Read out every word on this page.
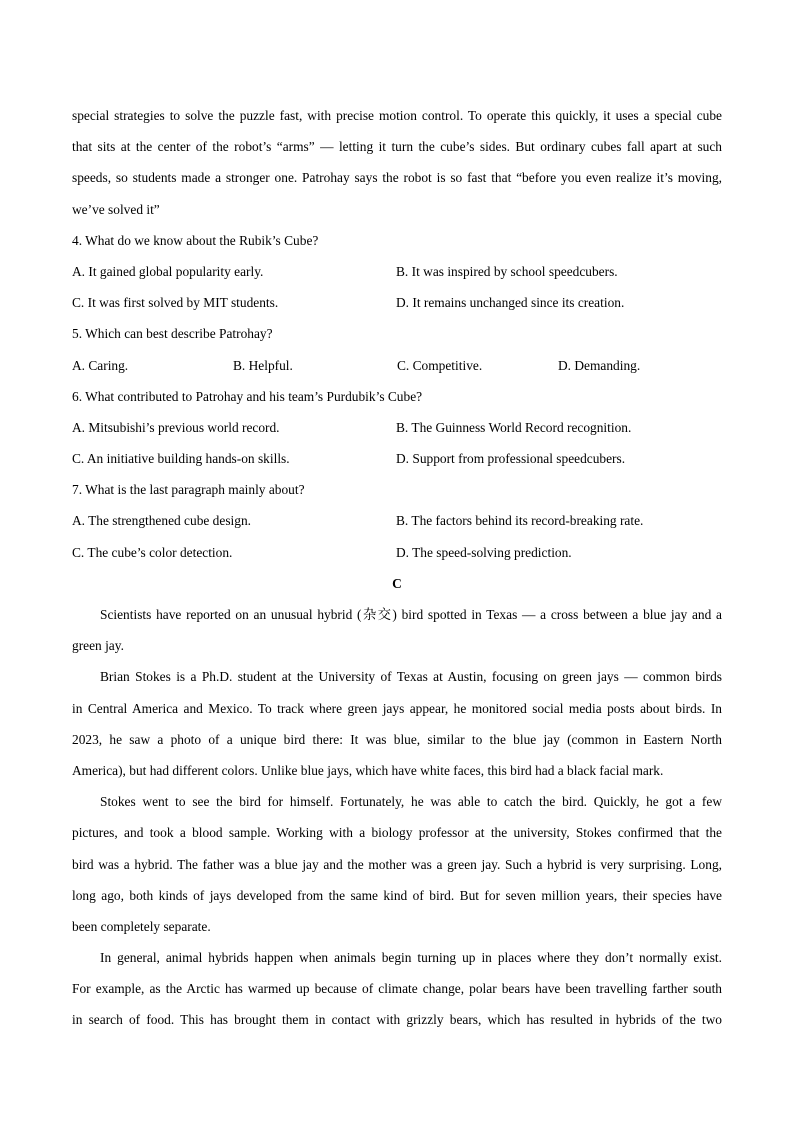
special strategies to solve the puzzle fast, with precise motion control. To operate this quickly, it uses a special cube
that sits at the center of the robot’s “arms” — letting it turn the cube’s sides. But ordinary cubes fall apart at such
speeds, so students made a stronger one. Patrohay says the robot is so fast that “before you even realize it’s moving,
we’ve solved it”
4. What do we know about the Rubik’s Cube?
A. It gained global popularity early.	B. It was inspired by school speedcubers.
C. It was first solved by MIT students.	D. It remains unchanged since its creation.
5. Which can best describe Patrohay?
A. Caring.	B. Helpful.	C. Competitive.	D. Demanding.
6. What contributed to Patrohay and his team’s Purdubik’s Cube?
A. Mitsubishi’s previous world record.	B. The Guinness World Record recognition.
C. An initiative building hands-on skills.	D. Support from professional speedcubers.
7. What is the last paragraph mainly about?
A. The strengthened cube design.	B. The factors behind its record-breaking rate.
C. The cube’s color detection.	D. The speed-solving prediction.
C
Scientists have reported on an unusual hybrid (杂交) bird spotted in Texas — a cross between a blue jay and a
green jay.
Brian Stokes is a Ph.D. student at the University of Texas at Austin, focusing on green jays — common birds
in Central America and Mexico. To track where green jays appear, he monitored social media posts about birds. In
2023, he saw a photo of a unique bird there: It was blue, similar to the blue jay (common in Eastern North
America), but had different colors. Unlike blue jays, which have white faces, this bird had a black facial mark.
Stokes went to see the bird for himself. Fortunately, he was able to catch the bird. Quickly, he got a few
pictures, and took a blood sample. Working with a biology professor at the university, Stokes confirmed that the
bird was a hybrid. The father was a blue jay and the mother was a green jay. Such a hybrid is very surprising. Long,
long ago, both kinds of jays developed from the same kind of bird. But for seven million years, their species have
been completely separate.
In general, animal hybrids happen when animals begin turning up in places where they don’t normally exist.
For example, as the Arctic has warmed up because of climate change, polar bears have been travelling farther south
in search of food. This has brought them in contact with grizzly bears, which has resulted in hybrids of the two
